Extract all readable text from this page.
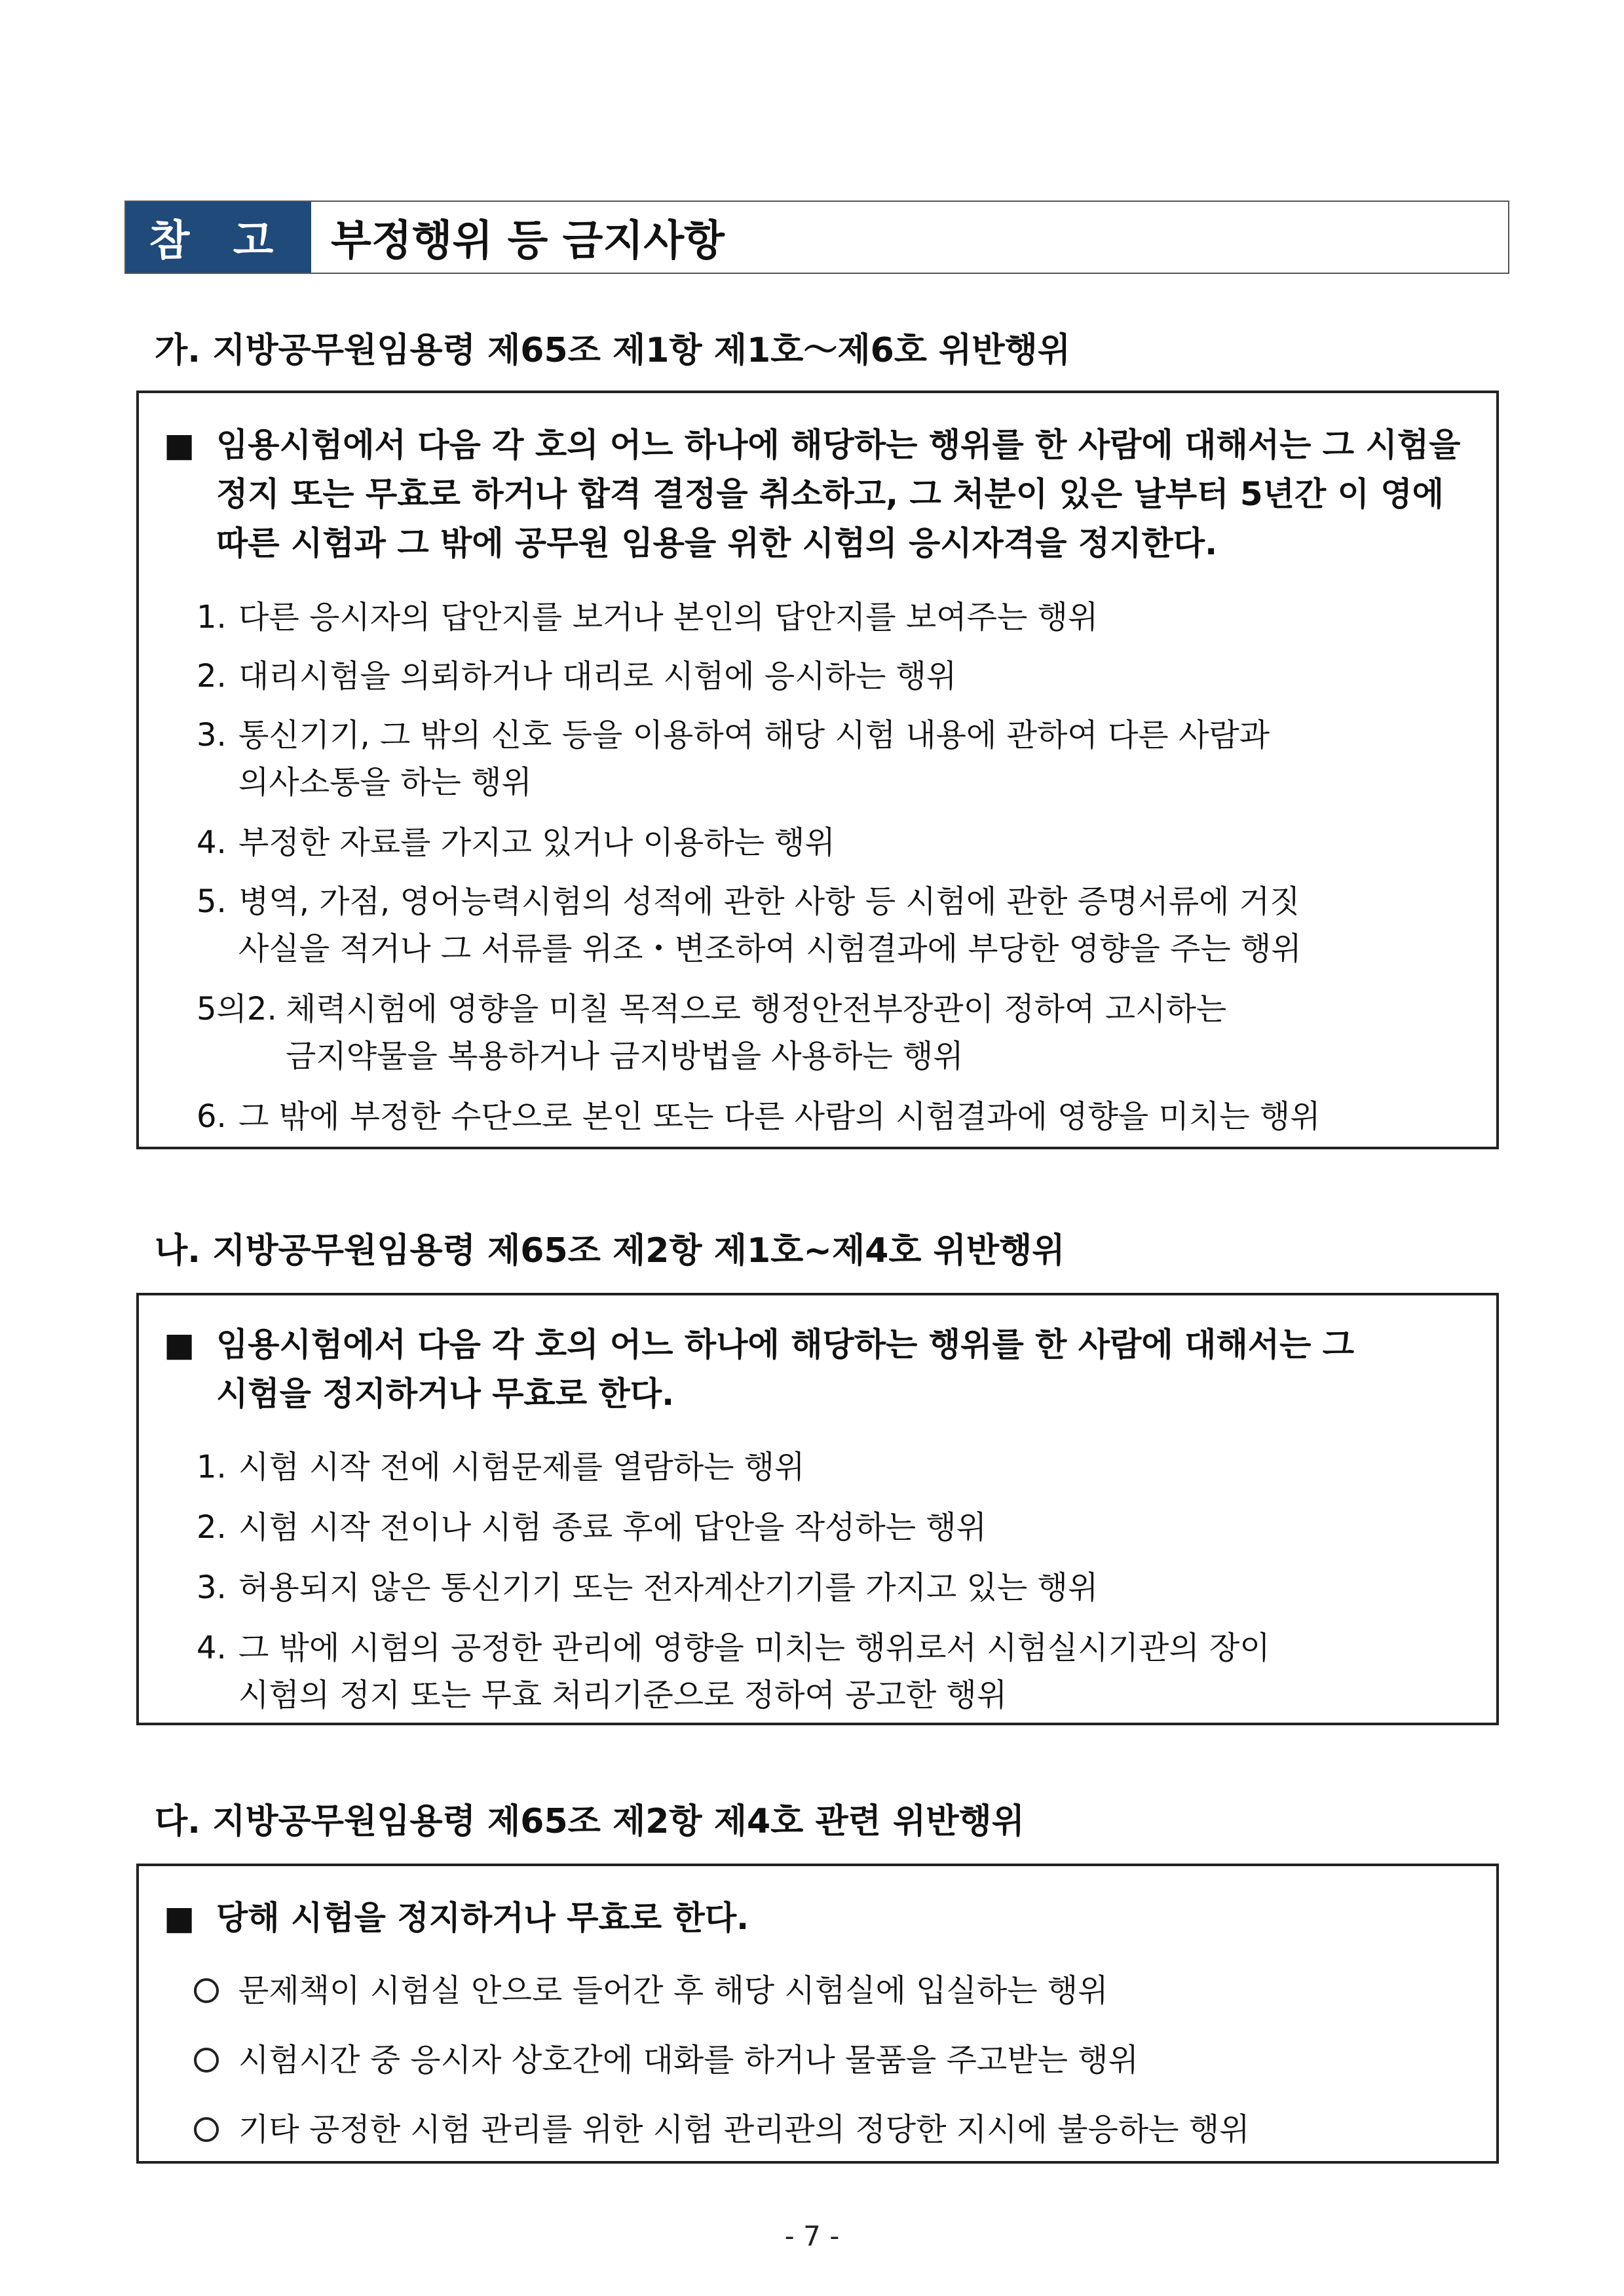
참 고	부정행위 등 금지사항
가. 지방공무원임용령 제65조 제1항 제1호～제6호 위반행위
■ 임용시험에서 다음 각 호의 어느 하나에 해당하는 행위를 한 사람에 대해서는 그 시험을
정지 또는 무효로 하거나 합격 결정을 취소하고, 그 처분이 있은 날부터 5년간 이 영에
따른 시험과 그 밖에 공무원 임용을 위한 시험의 응시자격을 정지한다.
1. 다른 응시자의 답안지를 보거나 본인의 답안지를 보여주는 행위
2. 대리시험을 의뢰하거나 대리로 시험에 응시하는 행위
3. 통신기기, 그 밖의 신호 등을 이용하여 해당 시험 내용에 관하여 다른 사람과
의사소통을 하는 행위
4. 부정한 자료를 가지고 있거나 이용하는 행위
5. 병역, 가점, 영어능력시험의 성적에 관한 사항 등 시험에 관한 증명서류에 거짓
사실을 적거나 그 서류를 위조・변조하여 시험결과에 부당한 영향을 주는 행위
5의2. 체력시험에 영향을 미칠 목적으로 행정안전부장관이 정하여 고시하는
금지약물을 복용하거나 금지방법을 사용하는 행위
6. 그 밖에 부정한 수단으로 본인 또는 다른 사람의 시험결과에 영향을 미치는 행위
나. 지방공무원임용령 제65조 제2항 제1호~제4호 위반행위
■ 임용시험에서 다음 각 호의 어느 하나에 해당하는 행위를 한 사람에 대해서는 그
시험을 정지하거나 무효로 한다.
1. 시험 시작 전에 시험문제를 열람하는 행위
2. 시험 시작 전이나 시험 종료 후에 답안을 작성하는 행위
3. 허용되지 않은 통신기기 또는 전자계산기기를 가지고 있는 행위
4. 그 밖에 시험의 공정한 관리에 영향을 미치는 행위로서 시험실시기관의 장이
시험의 정지 또는 무효 처리기준으로 정하여 공고한 행위
다. 지방공무원임용령 제65조 제2항 제4호 관련 위반행위
■ 당해 시험을 정지하거나 무효로 한다.
문제책이 시험실 안으로 들어간 후 해당 시험실에 입실하는 행위
시험시간 중 응시자 상호간에 대화를 하거나 물품을 주고받는 행위
기타 공정한 시험 관리를 위한 시험 관리관의 정당한 지시에 불응하는 행위
- 7 -
